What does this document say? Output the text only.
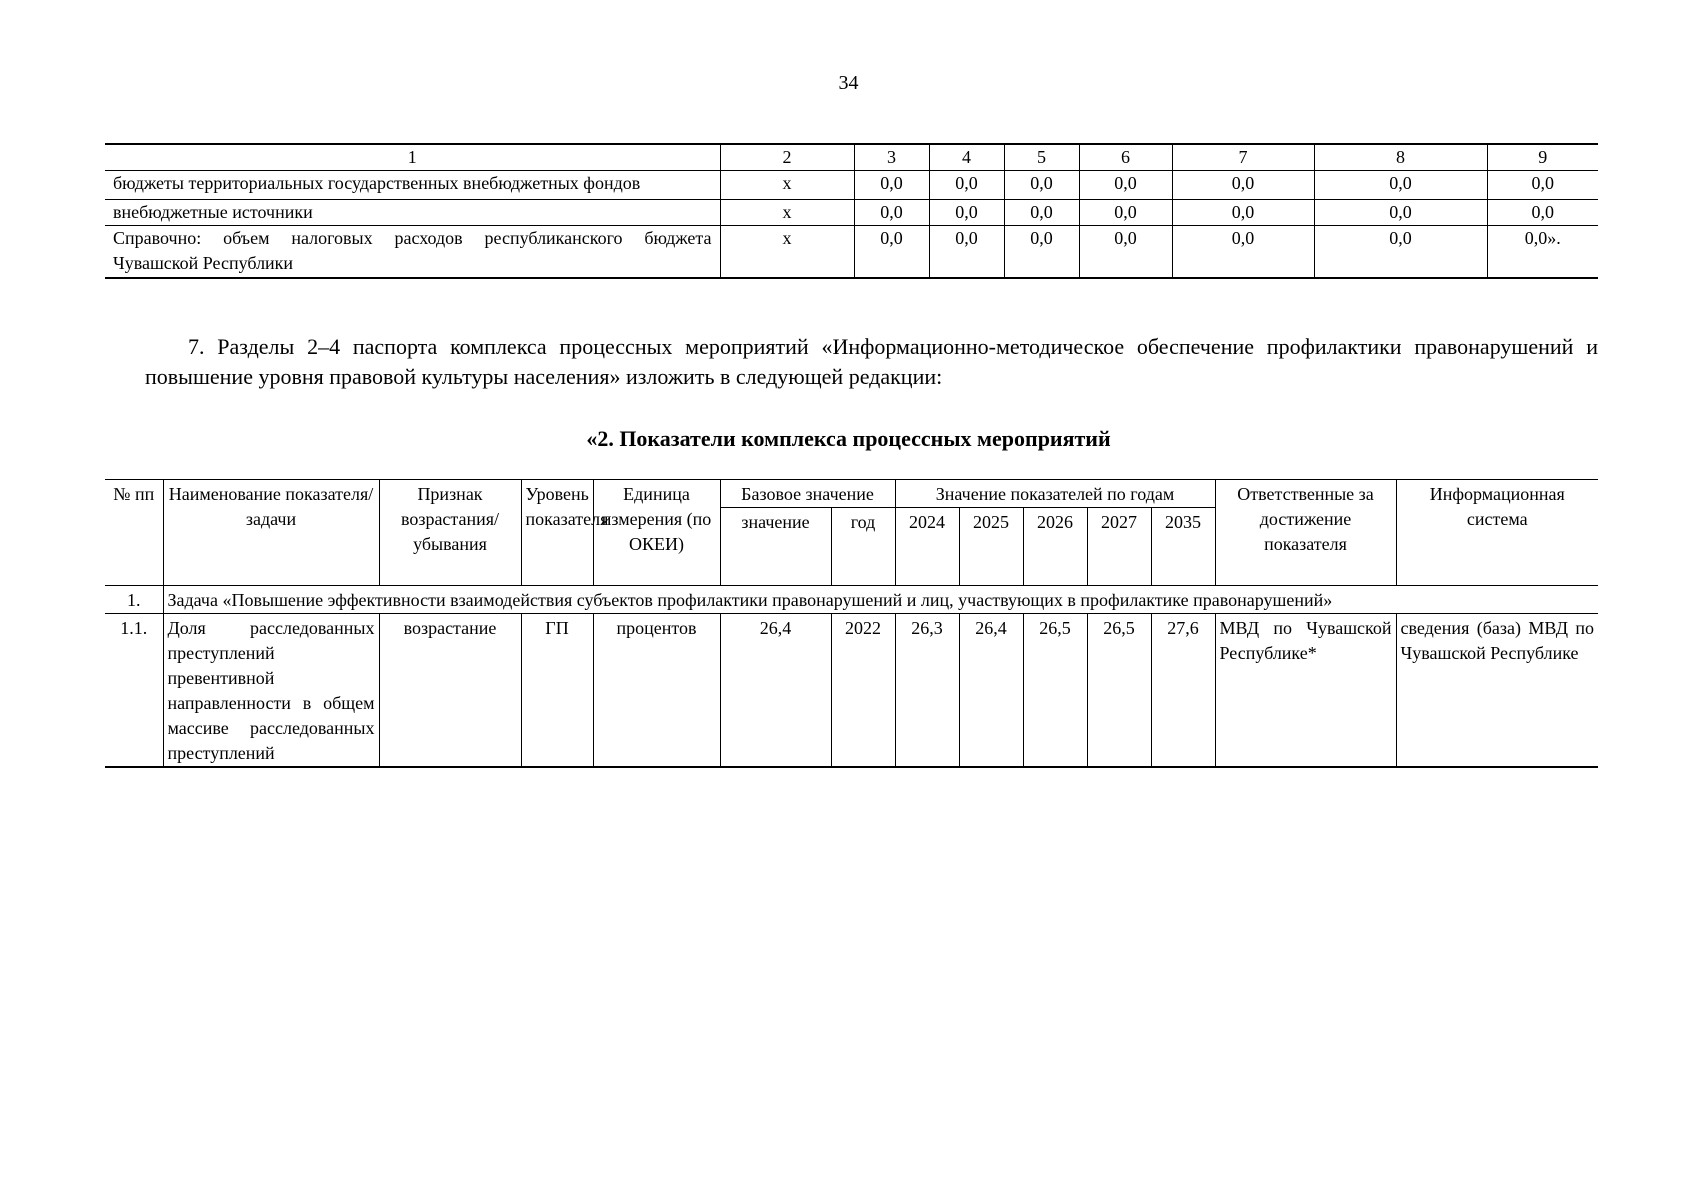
34
1	2	3	4	5	6	7	8	9
бюджеты территориальных государственных внебюджетных фондов	x	0,0	0,0	0,0	0,0	0,0	0,0	0,0
внебюджетные источники	x	0,0	0,0	0,0	0,0	0,0	0,0	0,0
Справочно: объем налоговых расходов республиканского бюджета Чувашской Республики	x	0,0	0,0	0,0	0,0	0,0	0,0	0,0».
7. Разделы 2–4 паспорта комплекса процессных мероприятий «Информационно-методическое обеспечение профилактики правонарушений и повышение уровня правовой культуры населения» изложить в следующей редакции:
«2. Показатели комплекса процессных мероприятий
№ пп	Наименование показателя/задачи	Признак возрастания/убывания	Уровень показателя	Единица измерения (по ОКЕИ)	Базовое значение		Значение показателей по годам					Ответственные за достижение показателя	Информационная система
					значение	год	2024	2025	2026	2027	2035		
1.	Задача «Повышение эффективности взаимодействия субъектов профилактики правонарушений и лиц, участвующих в профилактике правонарушений»												
1.1.	Доля расследованных преступлений превентивной направленности в общем массиве расследованных преступлений	возрастание	ГП	процентов	26,4	2022	26,3	26,4	26,5	26,5	27,6	МВД по Чувашской Республике*	сведения (база) МВД по Чувашской Республике
